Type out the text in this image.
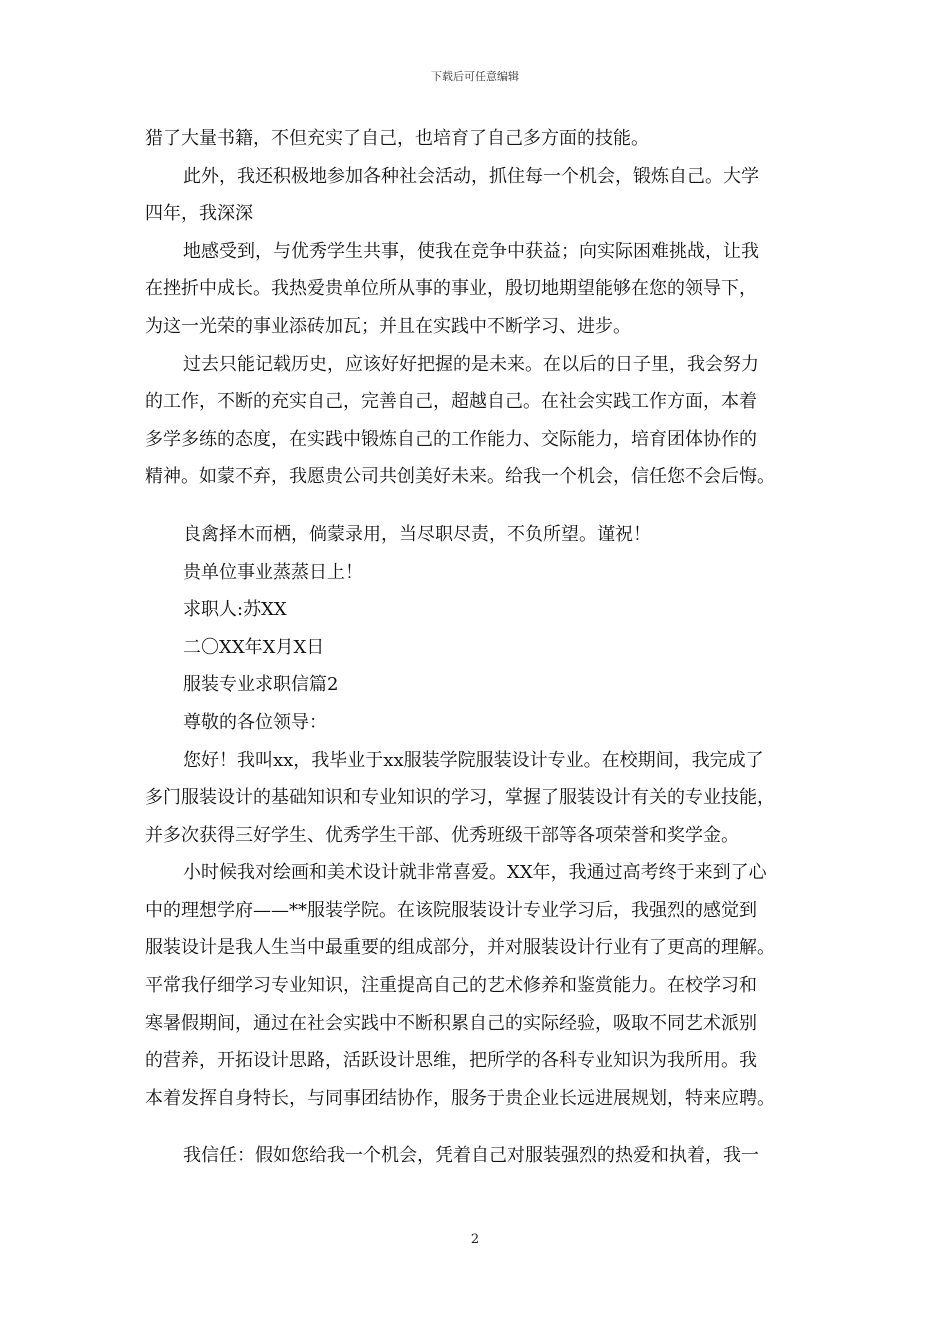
下载后可任意编辑
猎了大量书籍，不但充实了自己，也培育了自己多方面的技能。
此外，我还积极地参加各种社会活动，抓住每一个机会，锻炼自己。大学
四年，我深深
地感受到，与优秀学生共事，使我在竞争中获益；向实际困难挑战，让我
在挫折中成长。我热爱贵单位所从事的事业，殷切地期望能够在您的领导下，
为这一光荣的事业添砖加瓦；并且在实践中不断学习、进步。
过去只能记载历史，应该好好把握的是未来。在以后的日子里，我会努力
的工作，不断的充实自己，完善自己，超越自己。在社会实践工作方面，本着
多学多练的态度，在实践中锻炼自己的工作能力、交际能力，培育团体协作的
精神。如蒙不弃，我愿贵公司共创美好未来。给我一个机会，信任您不会后悔。
良禽择木而栖，倘蒙录用，当尽职尽责，不负所望。谨祝！
贵单位事业蒸蒸日上！
求职人:苏XX
二〇XX年X月X日
服装专业求职信篇2
尊敬的各位领导：
您好！我叫xx，我毕业于xx服装学院服装设计专业。在校期间，我完成了
多门服装设计的基础知识和专业知识的学习，掌握了服装设计有关的专业技能，
并多次获得三好学生、优秀学生干部、优秀班级干部等各项荣誉和奖学金。
小时候我对绘画和美术设计就非常喜爱。XX年，我通过高考终于来到了心
中的理想学府——**服装学院。在该院服装设计专业学习后，我强烈的感觉到
服装设计是我人生当中最重要的组成部分，并对服装设计行业有了更高的理解。
平常我仔细学习专业知识，注重提高自己的艺术修养和鉴赏能力。在校学习和
寒暑假期间，通过在社会实践中不断积累自己的实际经验，吸取不同艺术派别
的营养，开拓设计思路，活跃设计思维，把所学的各科专业知识为我所用。我
本着发挥自身特长，与同事团结协作，服务于贵企业长远进展规划，特来应聘。
我信任：假如您给我一个机会，凭着自己对服装强烈的热爱和执着，我一
2
